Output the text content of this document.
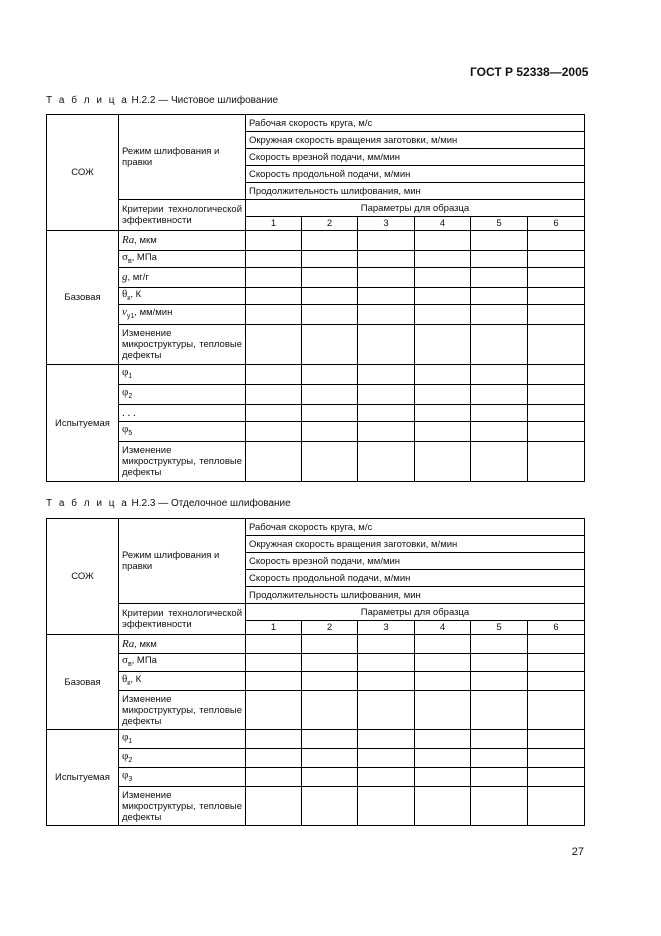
ГОСТ Р 52338—2005
Т а б л и ц а Н.2.2 — Чистовое шлифование
СОЖ	Режим шлифования и правки	Рабочая скорость круга, м/с					
		Окружная скорость вращения заготовки, м/мин					
		Скорость врезной подачи, мм/мин					
		Скорость продольной подачи, м/мин					
		Продолжительность шлифования, мин					
	Критерии технологической эффективности	Параметры для образца					
		1	2	3	4	5	6
Базовая	Ra, мкм						
	$\sigma_в$, МПа						
	g, мг/г						
	$\theta_к$, К						
	$v_{y1}$, мм/мин						
	Изменение микроструктуры, тепловые дефекты						
Испытуемая	$\varphi_1$						
	$\varphi_2$						
	. . .						
	$\varphi_5$						
	Изменение микроструктуры, тепловые дефекты						
Т а б л и ц а Н.2.3 — Отделочное шлифование
СОЖ	Режим шлифования и правки	Рабочая скорость круга, м/с					
		Окружная скорость вращения заготовки, м/мин					
		Скорость врезной подачи, мм/мин					
		Скорость продольной подачи, м/мин					
		Продолжительность шлифования, мин					
	Критерии технологической эффективности	Параметры для образца					
		1	2	3	4	5	6
Базовая	Ra, мкм						
	$\sigma_в$, МПа						
	$\theta_к$, К						
	Изменение микроструктуры, тепловые дефекты						
Испытуемая	$\varphi_1$						
	$\varphi_2$						
	$\varphi_3$						
	Изменение микроструктуры, тепловые дефекты						
27
